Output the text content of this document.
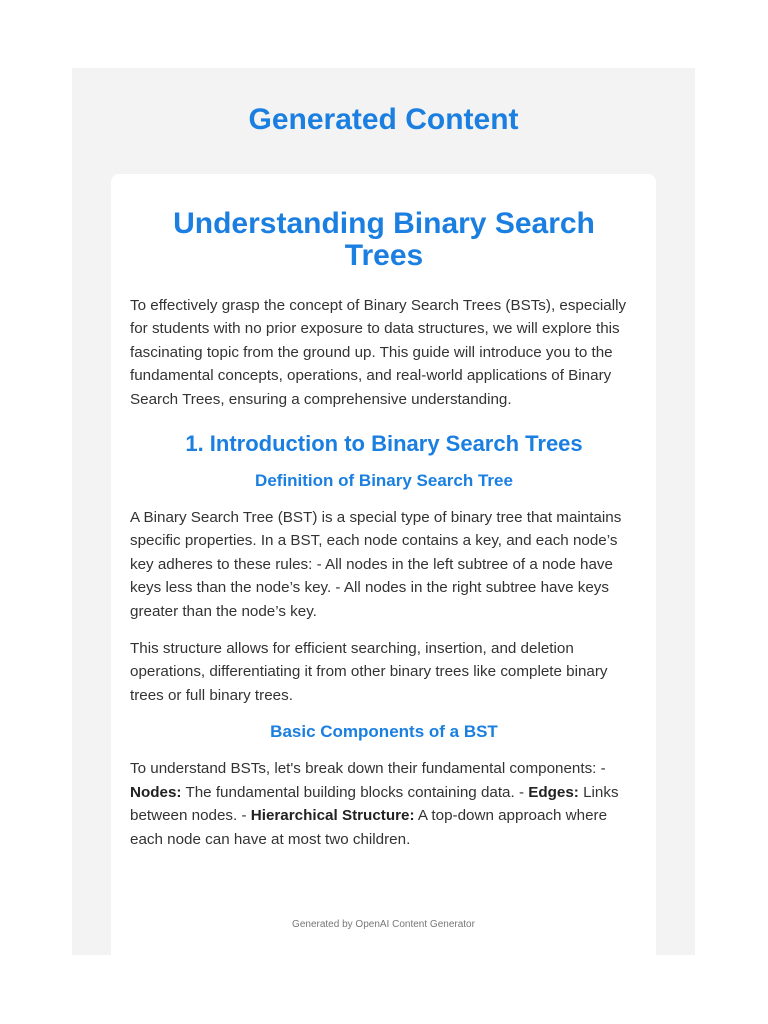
Generated Content
Understanding Binary Search Trees

To effectively grasp the concept of Binary Search Trees (BSTs), especially for students with no prior exposure to data structures, we will explore this fascinating topic from the ground up. This guide will introduce you to the fundamental concepts, operations, and real-world applications of Binary Search Trees, ensuring a comprehensive understanding.

1. Introduction to Binary Search Trees
Definition of Binary Search Tree

A Binary Search Tree (BST) is a special type of binary tree that maintains specific properties. In a BST, each node contains a key, and each node’s key adheres to these rules: - All nodes in the left subtree of a node have keys less than the node’s key. - All nodes in the right subtree have keys greater than the node’s key.

This structure allows for efficient searching, insertion, and deletion operations, differentiating it from other binary trees like complete binary trees or full binary trees.

Basic Components of a BST

To understand BSTs, let's break down their fundamental components: - Nodes: The fundamental building blocks containing data. - Edges: Links between nodes. - Hierarchical Structure: A top-down approach where each node can have at most two children.

Generated by OpenAI Content Generator
